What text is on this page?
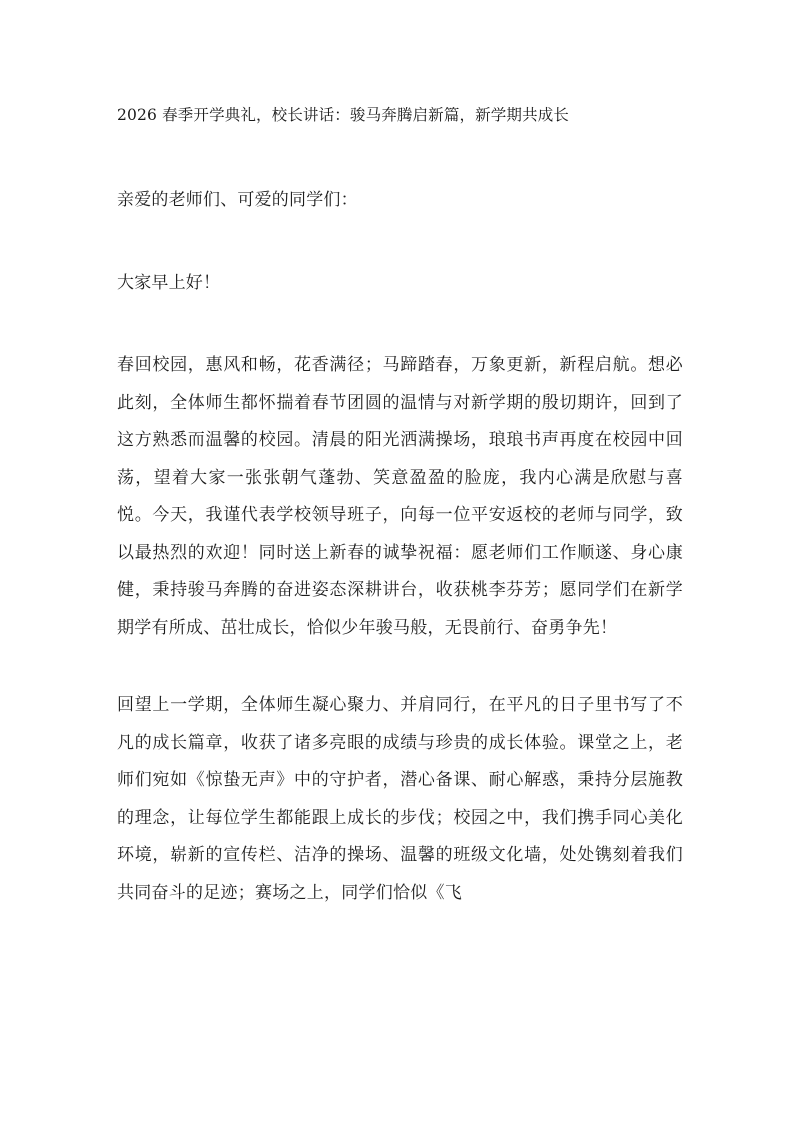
2026 春季开学典礼，校长讲话：骏马奔腾启新篇，新学期共成长

亲爱的老师们、可爱的同学们：

大家早上好！

春回校园，惠风和畅，花香满径；马蹄踏春，万象更新，新程启航。想必此刻，全体师生都怀揣着春节团圆的温情与对新学期的殷切期许，回到了这方熟悉而温馨的校园。清晨的阳光洒满操场，琅琅书声再度在校园中回荡，望着大家一张张朝气蓬勃、笑意盈盈的脸庞，我内心满是欣慰与喜悦。今天，我谨代表学校领导班子，向每一位平安返校的老师与同学，致以最热烈的欢迎！同时送上新春的诚挚祝福：愿老师们工作顺遂、身心康健，秉持骏马奔腾的奋进姿态深耕讲台，收获桃李芬芳；愿同学们在新学期学有所成、茁壮成长，恰似少年骏马般，无畏前行、奋勇争先！

回望上一学期，全体师生凝心聚力、并肩同行，在平凡的日子里书写了不凡的成长篇章，收获了诸多亮眼的成绩与珍贵的成长体验。课堂之上，老师们宛如《惊蛰无声》中的守护者，潜心备课、耐心解惑，秉持分层施教的理念，让每位学生都能跟上成长的步伐；校园之中，我们携手同心美化环境，崭新的宣传栏、洁净的操场、温馨的班级文化墙，处处镌刻着我们共同奋斗的足迹；赛场之上，同学们恰似《飞
